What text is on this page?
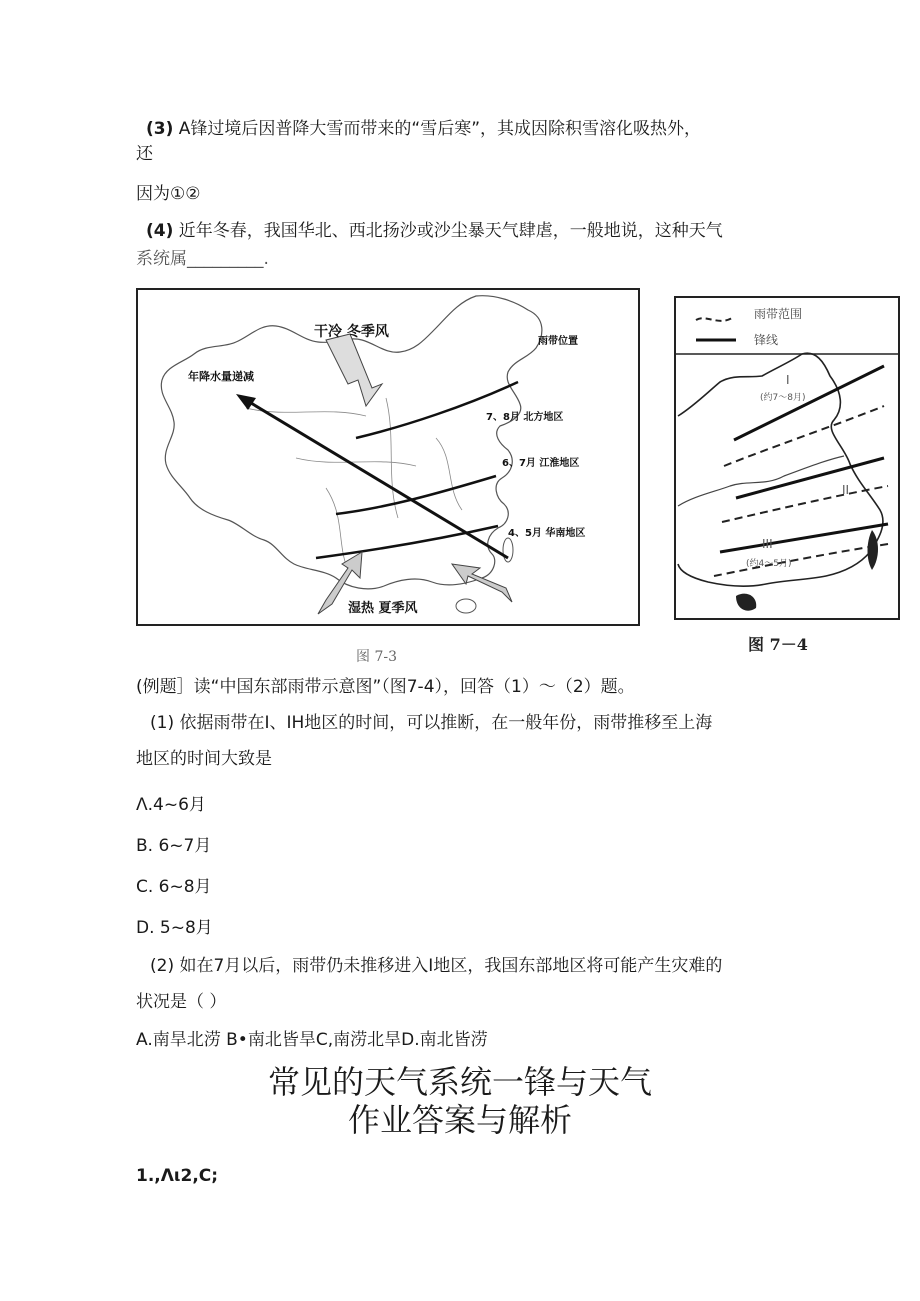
(3) A锋过境后因普降大雪而带来的“雪后寒”，其成因除积雪溶化吸热外，
还
因为①②
(4) 近年冬春，我国华北、西北扬沙或沙尘暴天气肆虐，一般地说，这种天气
系统属_________.
干冷 冬季风
雨带位置
年降水量递减
7、8月 北方地区
6、7月 江淮地区
4、5月 华南地区
湿热 夏季风
图 7-3
雨带范围
锋线
I
(约7～8月)
II
III
(约4～5月)
图 7－4
(例题］读“中国东部雨带示意图”（图7-4），回答（1）～（2）题。
(1) 依据雨带在I、IH地区的时间，可以推断，在一般年份，雨带推移至上海
地区的时间大致是
Λ.4~6月
B. 6~7月
C. 6~8月
D. 5~8月
(2) 如在7月以后，雨带仍未推移进入I地区，我国东部地区将可能产生灾难的
状况是（ ）
A.南旱北涝 B•南北皆旱C,南涝北旱D.南北皆涝
常见的天气系统一锋与天气
作业答案与解析
1.,Λι2,C;
